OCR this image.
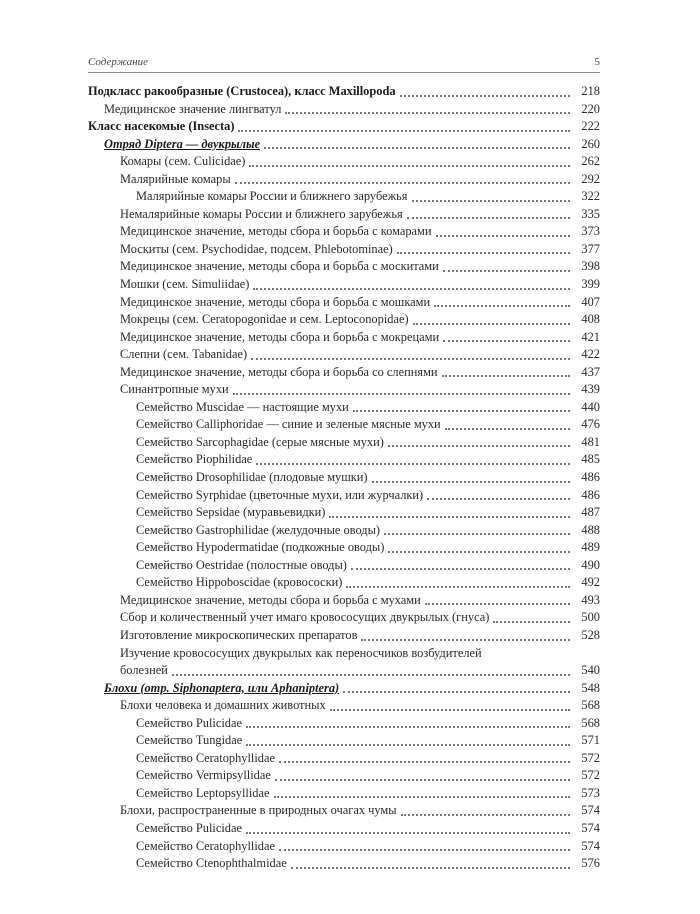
Содержание	5
Подкласс ракообразные (Crustocea), класс Maxillopoda	218
Медицинское значение лингватул	220
Класс насекомые (Insecta)	222
Отряд Diptera — двукрылые	260
Комары (сем. Culicidae)	262
Малярийные комары	292
Малярийные комары России и ближнего зарубежья	322
Немалярийные комары России и ближнего зарубежья	335
Медицинское значение, методы сбора и борьба с комарами	373
Москиты (сем. Psychodidae, подсем. Phlebotominae)	377
Медицинское значение, методы сбора и борьба с москитами	398
Мошки (сем. Simuliidae)	399
Медицинское значение, методы сбора и борьба с мошками	407
Мокрецы (сем. Ceratopogonidae и сем. Leptoconopidae)	408
Медицинское значение, методы сбора и борьба с мокрецами	421
Слепни (сем. Tabanidae)	422
Медицинское значение, методы сбора и борьба со слепнями	437
Синантропные мухи	439
Семейство Muscidae — настоящие мухи	440
Семейство Calliphoridae — синие и зеленые мясные мухи	476
Семейство Sarcophagidae (серые мясные мухи)	481
Семейство Piophilidae	485
Семейство Drosophilidae (плодовые мушки)	486
Семейство Syrphidae (цветочные мухи, или журчалки)	486
Семейство Sepsidae (муравьевидки)	487
Семейство Gastrophilidae (желудочные оводы)	488
Семейство Hypodermatidae (подкожные оводы)	489
Семейство Oestridae (полостные оводы)	490
Семейство Hippoboscidae (кровососки)	492
Медицинское значение, методы сбора и борьба с мухами	493
Сбор и количественный учет имаго кровососущих двукрылых (гнуса)	500
Изготовление микроскопических препаратов	528
Изучение кровососущих двукрылых как переносчиков возбудителей
болезней	540
Блохи (отр. Siphonaptera, или Aphaniptera)	548
Блохи человека и домашних животных	568
Семейство Pulicidae	568
Семейство Tungidae	571
Семейство Ceratophyllidae	572
Семейство Vermipsyllidae	572
Семейство Leptopsyllidae	573
Блохи, распространенные в природных очагах чумы	574
Семейство Pulicidae	574
Семейство Ceratophyllidae	574
Семейство Ctenophthalmidae	576
